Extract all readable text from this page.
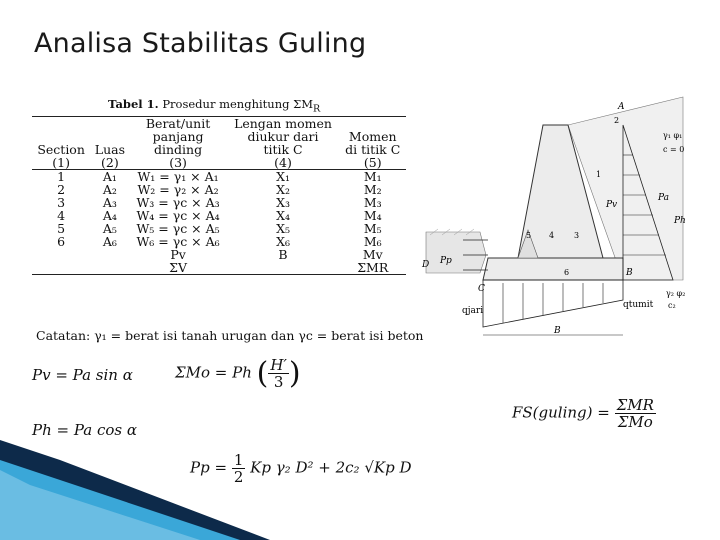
Analisa Stabilitas Guling
Tabel 1. Prosedur menghitung $\Sigma M_R$
		Berat/unit	Lengan momen	
		panjang	diukur dari	Momen
Section	Luas	dinding	titik C	di titik C
(1)	(2)	(3)	(4)	(5)
1	A₁	W₁ = γ₁ × A₁	X₁	M₁
2	A₂	W₂ = γ₂ × A₂	X₂	M₂
3	A₃	W₃ = γc × A₃	X₃	M₃
4	A₄	W₄ = γc × A₄	X₄	M₄
5	A₅	W₅ = γc × A₅	X₅	M₅
6	A₆	W₆ = γc × A₆	X₆	M₆
		Pv	B	Mv
		ΣV		ΣMR
Catatan: γ₁ = berat isi tanah urugan dan γc = berat isi beton
Pv = Pa sin α	ΣMo = Ph ( $\frac{H'}{3}$ )
Ph = Pa cos α
$Pp = \frac{1}{2}$ Kp γ₂ D² + 2c₂ √Kp D
FS(guling) = $\frac{\text{ΣMR}}{\text{ΣMo}}$
A
B
C
D
Pa
Ph
Pv
Pp
qjari
qtumit
γ₁ φ₁
c = 0
γ₂ φ₂
c₂
1
2
3
4
5
6
B
